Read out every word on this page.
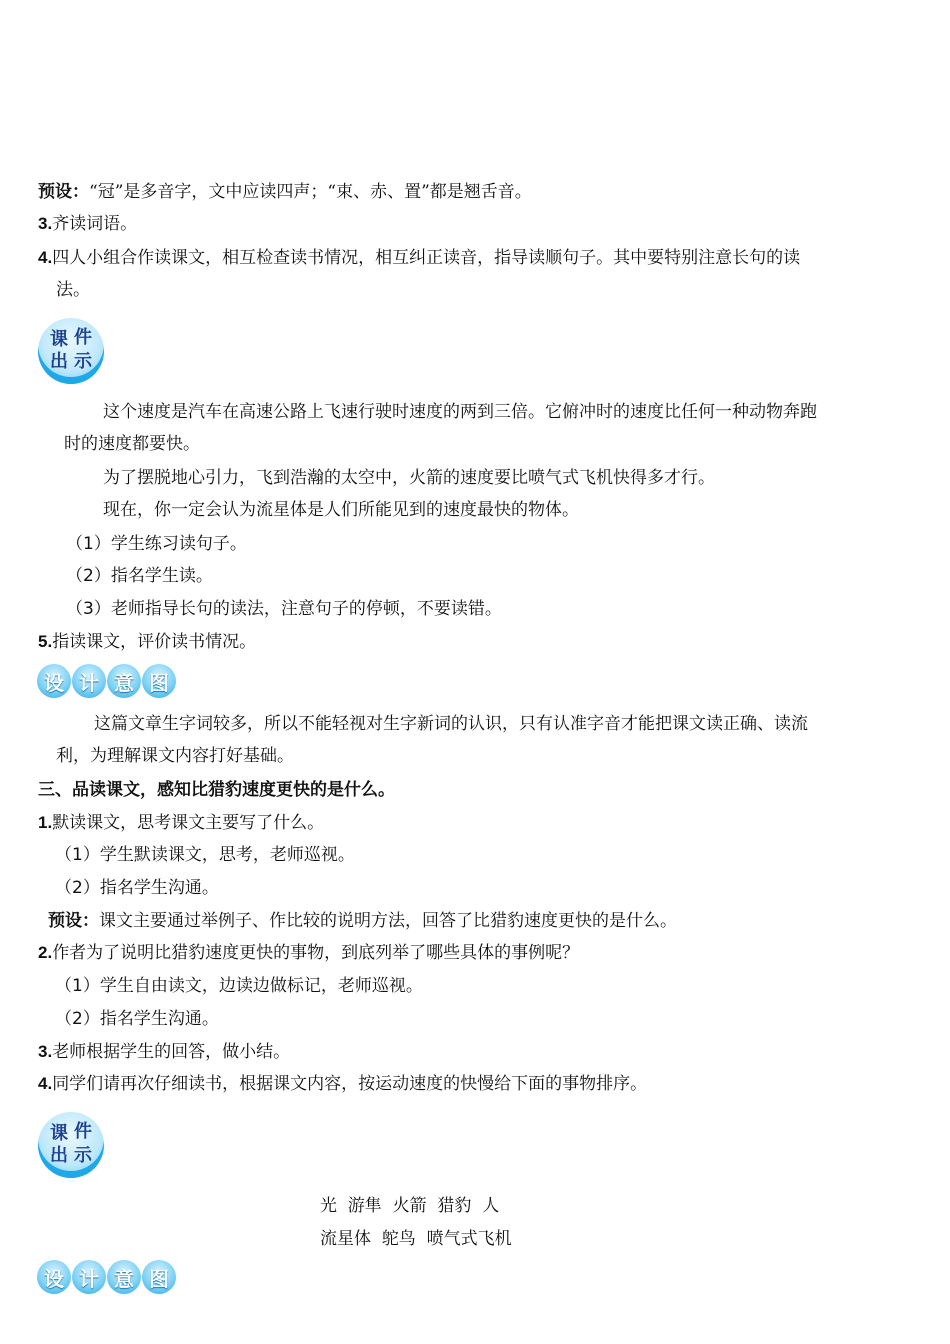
预设：“冠”是多音字，文中应读四声；“束、赤、置”都是翘舌音。
3.齐读词语。
4.四人小组合作读课文，相互检查读书情况，相互纠正读音，指导读顺句子。其中要特别注意长句的读
法。
课 件
出 示
这个速度是汽车在高速公路上飞速行驶时速度的两到三倍。它俯冲时的速度比任何一种动物奔跑
时的速度都要快。
为了摆脱地心引力，飞到浩瀚的太空中，火箭的速度要比喷气式飞机快得多才行。
现在，你一定会认为流星体是人们所能见到的速度最快的物体。
（1）学生练习读句子。
（2）指名学生读。
（3）老师指导长句的读法，注意句子的停顿，不要读错。
5.指读课文，评价读书情况。
设 计 意 图
这篇文章生字词较多，所以不能轻视对生字新词的认识，只有认准字音才能把课文读正确、读流
利，为理解课文内容打好基础。
三、品读课文，感知比猎豹速度更快的是什么。
1.默读课文，思考课文主要写了什么。
（1）学生默读课文，思考，老师巡视。
（2）指名学生沟通。
预设：课文主要通过举例子、作比较的说明方法，回答了比猎豹速度更快的是什么。
2.作者为了说明比猎豹速度更快的事物，到底列举了哪些具体的事例呢？
（1）学生自由读文，边读边做标记，老师巡视。
（2）指名学生沟通。
3.老师根据学生的回答，做小结。
4.同学们请再次仔细读书，根据课文内容，按运动速度的快慢给下面的事物排序。
课 件
出 示
光  游隼  火箭  猎豹  人
流星体  鸵鸟  喷气式飞机
设 计 意 图
